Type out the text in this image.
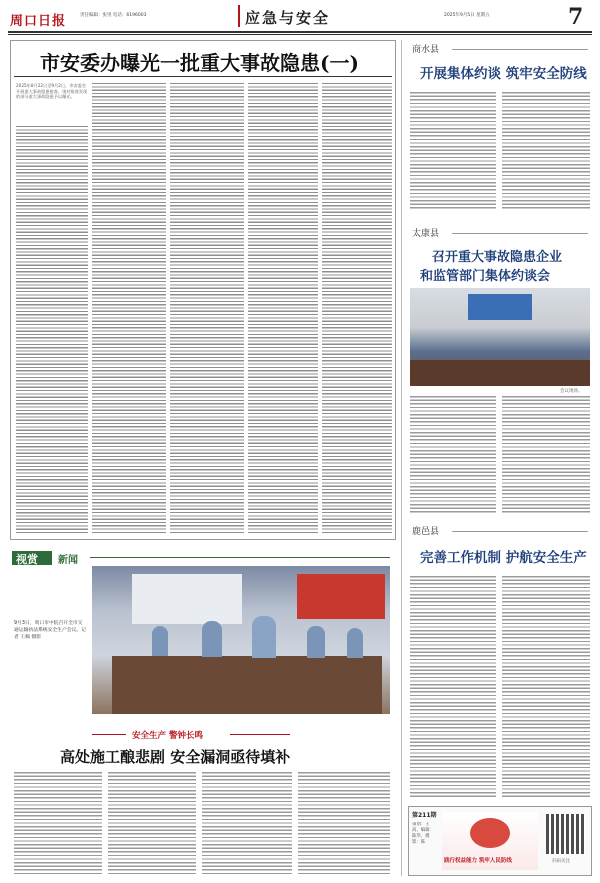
周口日报	责任编辑：张男 电话：6196003	2025年9月5日 星期五
应急与安全	7
市安委办曝光一批重大事故隐患(一)
2025年8月22日至9月2日，市安委会开展重大事故隐患排查，现对排查发现的部分重大事故隐患予以曝光。
视赏 新闻
9月3日，周口市中院召开全市交通运输执法系统安全生产会议。记者 王佩 摄影
安全生产 警钟长鸣
高处施工酿悲剧 安全漏洞亟待填补
商水县
开展集体约谈 筑牢安全防线
太康县
召开重大事故隐患企业
和监管部门集体约谈会
会议现场。
鹿邑县
完善工作机制 护航安全生产
第211期
策划：王高、编辑：陈华、摄影：陈
践行权益能力 筑牢人民防线	扫码关注
